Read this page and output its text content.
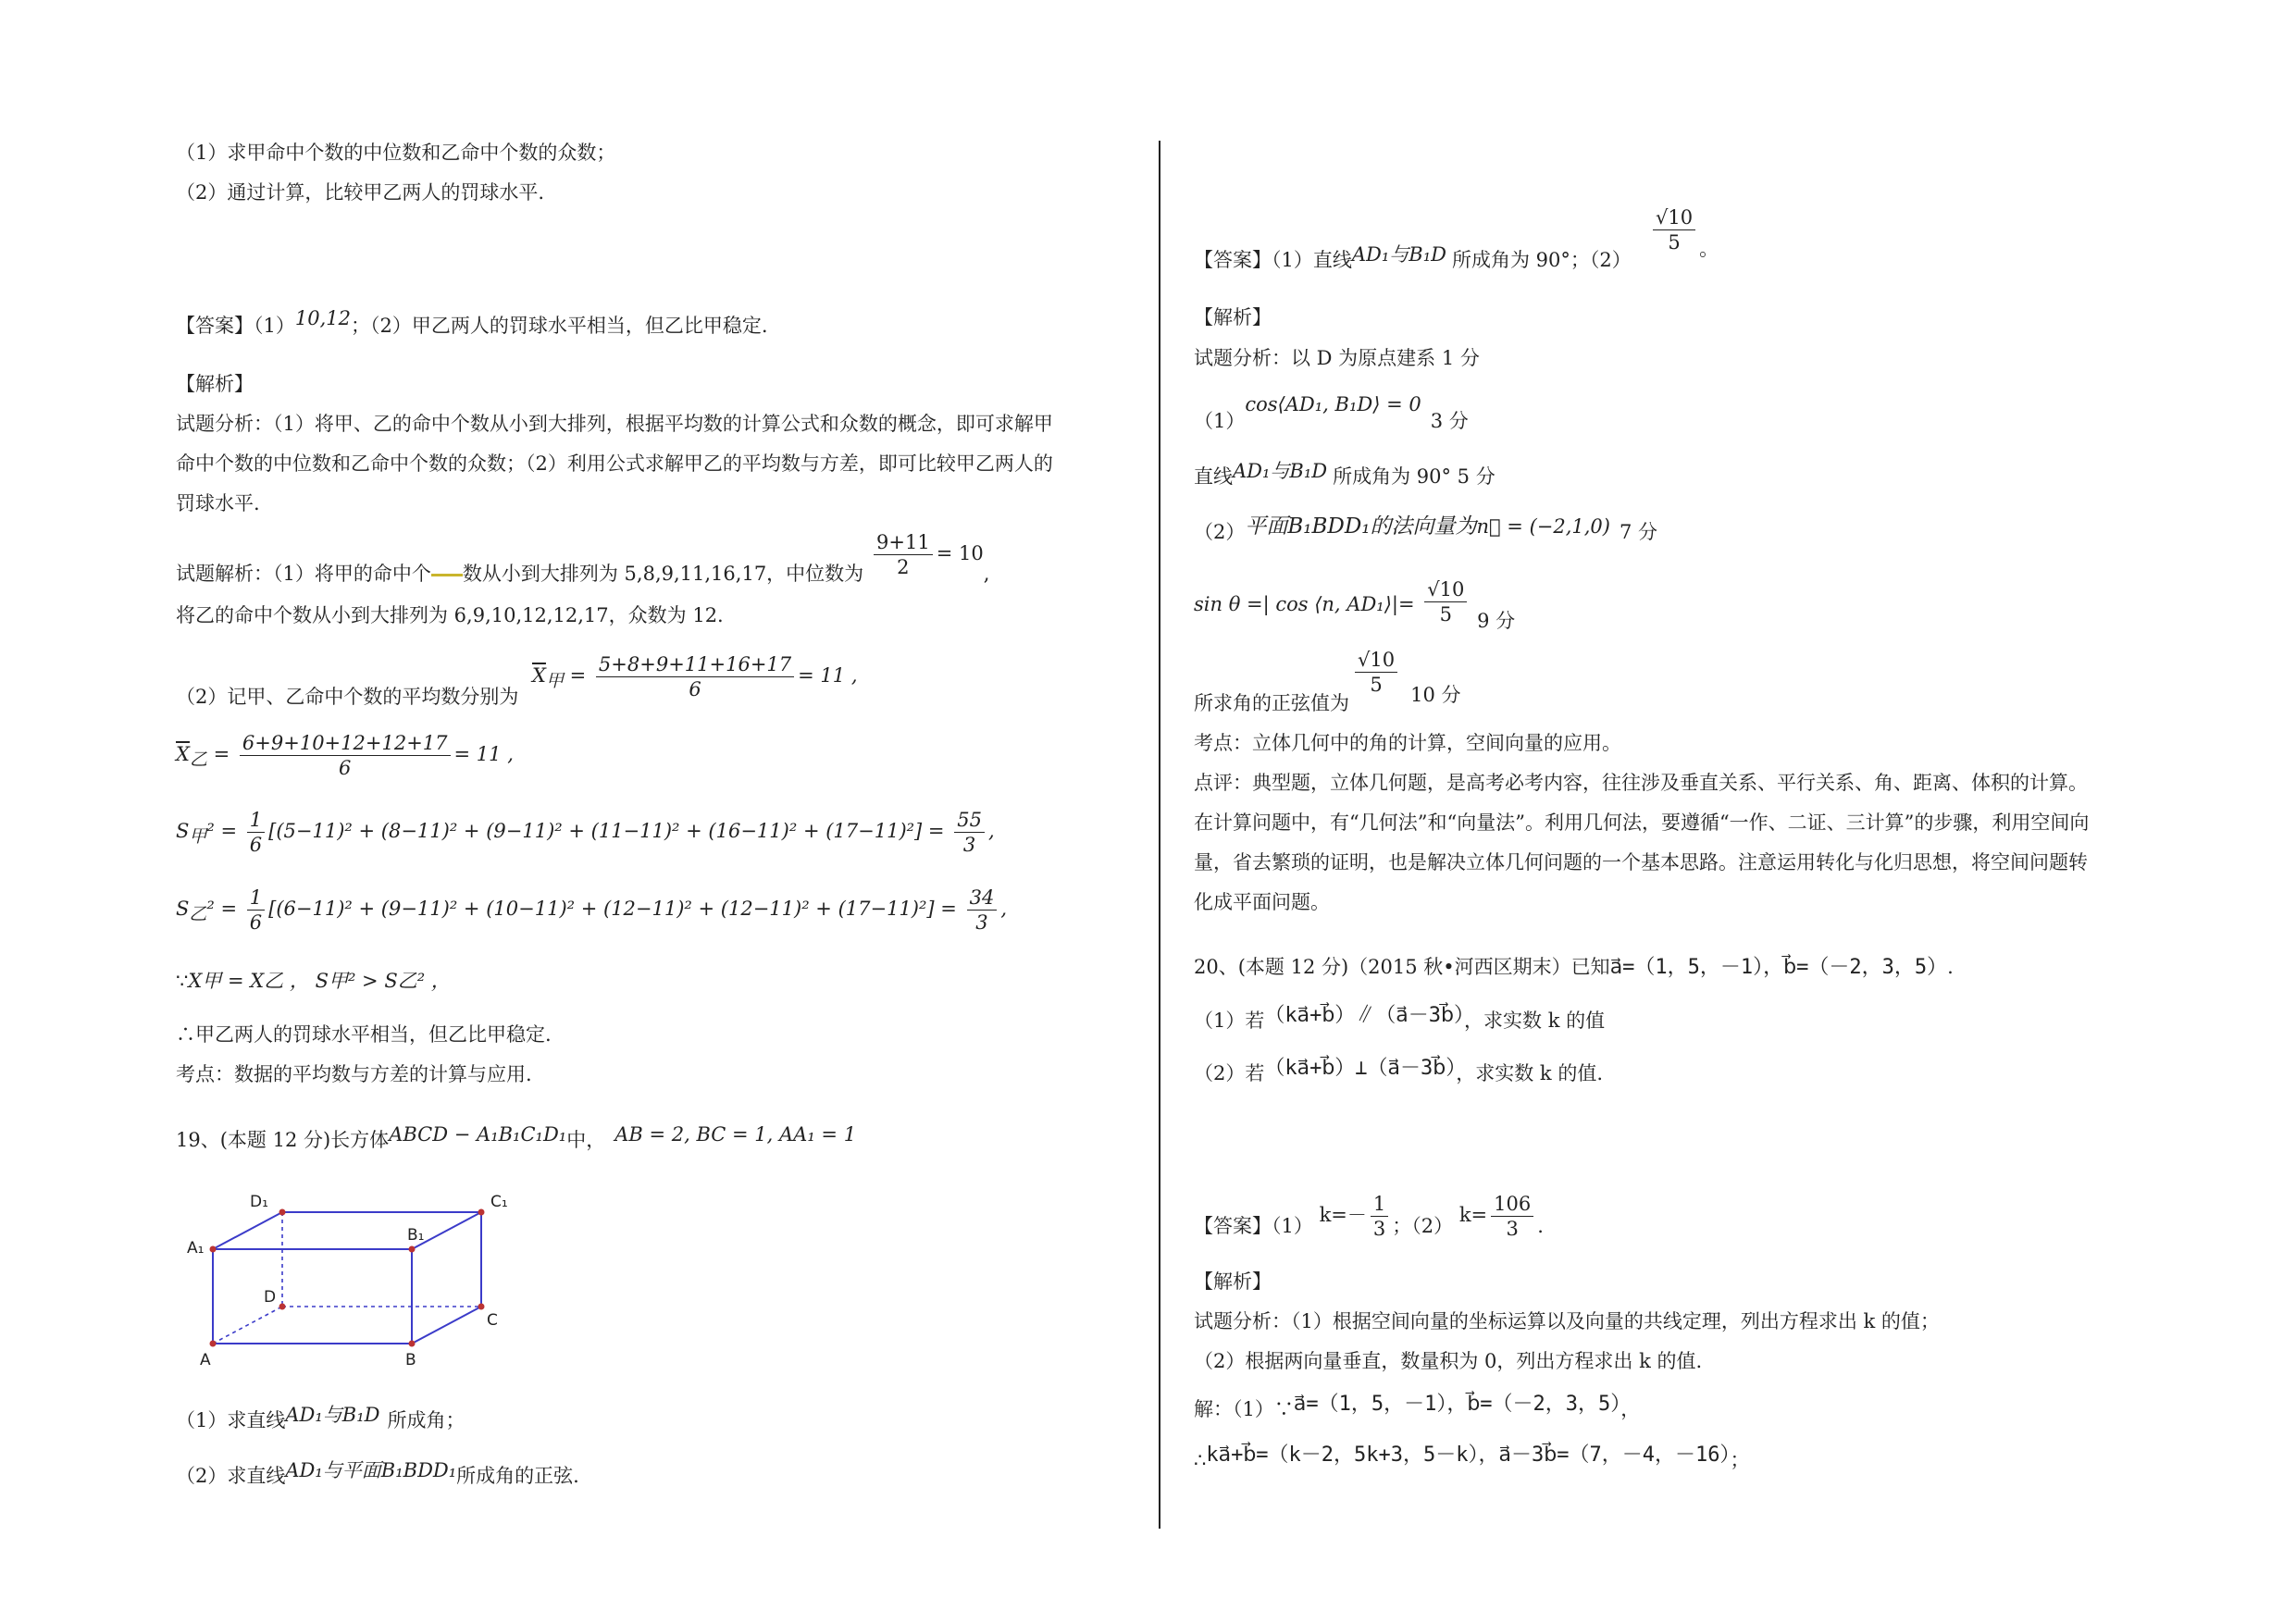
（1）求甲命中个数的中位数和乙命中个数的众数；
（2）通过计算，比较甲乙两人的罚球水平.
【答案】（1）10,12；（2）甲乙两人的罚球水平相当，但乙比甲稳定.
【解析】
试题分析：（1）将甲、乙的命中个数从小到大排列，根据平均数的计算公式和众数的概念，即可求解甲
命中个数的中位数和乙命中个数的众数；（2）利用公式求解甲乙的平均数与方差，即可比较甲乙两人的
罚球水平.
试题解析：（1）将甲的命中个 数从小到大排列为 5,8,9,11,16,17，中位数为 $\frac{9+11}{2} = 10$,
将乙的命中个数从小到大排列为 6,9,10,12,12,17，众数为 12.
（2）记甲、乙命中个数的平均数分别为
$\overline{X}_甲 = \frac{5+8+9+11+16+17}{6} = 11$ ,
$\overline{X}_乙 = \frac{6+9+10+12+12+17}{6} = 11$ ,
$S_甲^2 = \frac{1}{6} [(5-11)^2 + (8-11)^2 + (9-11)^2 + (11-11)^2 + (16-11)^2 + (17-11)^2] = \frac{55}{3}$ ,
$S_乙^2 = \frac{1}{6} [(6-11)^2 + (9-11)^2 + (10-11)^2 + (12-11)^2 + (12-11)^2 + (17-11)^2] = \frac{34}{3}$ ,
∵X甲 = X乙 ， S甲² > S乙² ，
∴甲乙两人的罚球水平相当，但乙比甲稳定.
考点：数据的平均数与方差的计算与应用.
19、(本题 12 分)长方体ABCD − A₁B₁C₁D₁中， AB = 2, BC = 1, AA₁ = 1
D₁	C₁
B₁
A₁
D
C
A	B
（1）求直线AD₁与B₁D 所成角；
（2）求直线AD₁与平面B₁BDD₁所成角的正弦.
【答案】（1）直线AD₁与B₁D 所成角为 90°；（2）
$\frac{√10}{5}$ 。
【解析】
试题分析：以 D 为原点建系 1 分
（1）cos⟨AD₁, B₁D⟩ = 03 分
直线AD₁与B₁D 所成角为 90° 5 分
（2）平面B₁BDD₁的法向量为n⃗ = (−2,1,0) 7 分
sin θ =| cos ⟨n, AD₁⟩|= $\frac{√10}{5} 9$ 分
所求角的正弦值为
$\frac{√10}{5} 10$ 分
考点：立体几何中的角的计算，空间向量的应用。
点评：典型题，立体几何题，是高考必考内容，往往涉及垂直关系、平行关系、角、距离、体积的计算。
在计算问题中，有“几何法”和“向量法”。利用几何法，要遵循“一作、二证、三计算”的步骤，利用空间向
量，省去繁琐的证明，也是解决立体几何问题的一个基本思路。注意运用转化与化归思想，将空间问题转
化成平面问题。
20、(本题 12 分)（2015 秋•河西区期末）已知a⃗=（1，5，－1），b⃗=（－2，3，5）.
（1）若（ka⃗+b⃗）∥（a⃗－3b⃗），求实数 k 的值
（2）若（ka⃗+b⃗）⊥（a⃗－3b⃗），求实数 k 的值.
【答案】（1） $k=- \frac{1}{3}$ ；（2） $k= \frac{106}{3}$ .
【解析】
试题分析：（1）根据空间向量的坐标运算以及向量的共线定理，列出方程求出 k 的值；
（2）根据两向量垂直，数量积为 0，列出方程求出 k 的值.
解：（1）∵a⃗=（1，5，－1），b⃗=（－2，3，5），
∴ka⃗+b⃗=（k－2，5k+3，5－k），a⃗－3b⃗=（7，－4，－16）；
